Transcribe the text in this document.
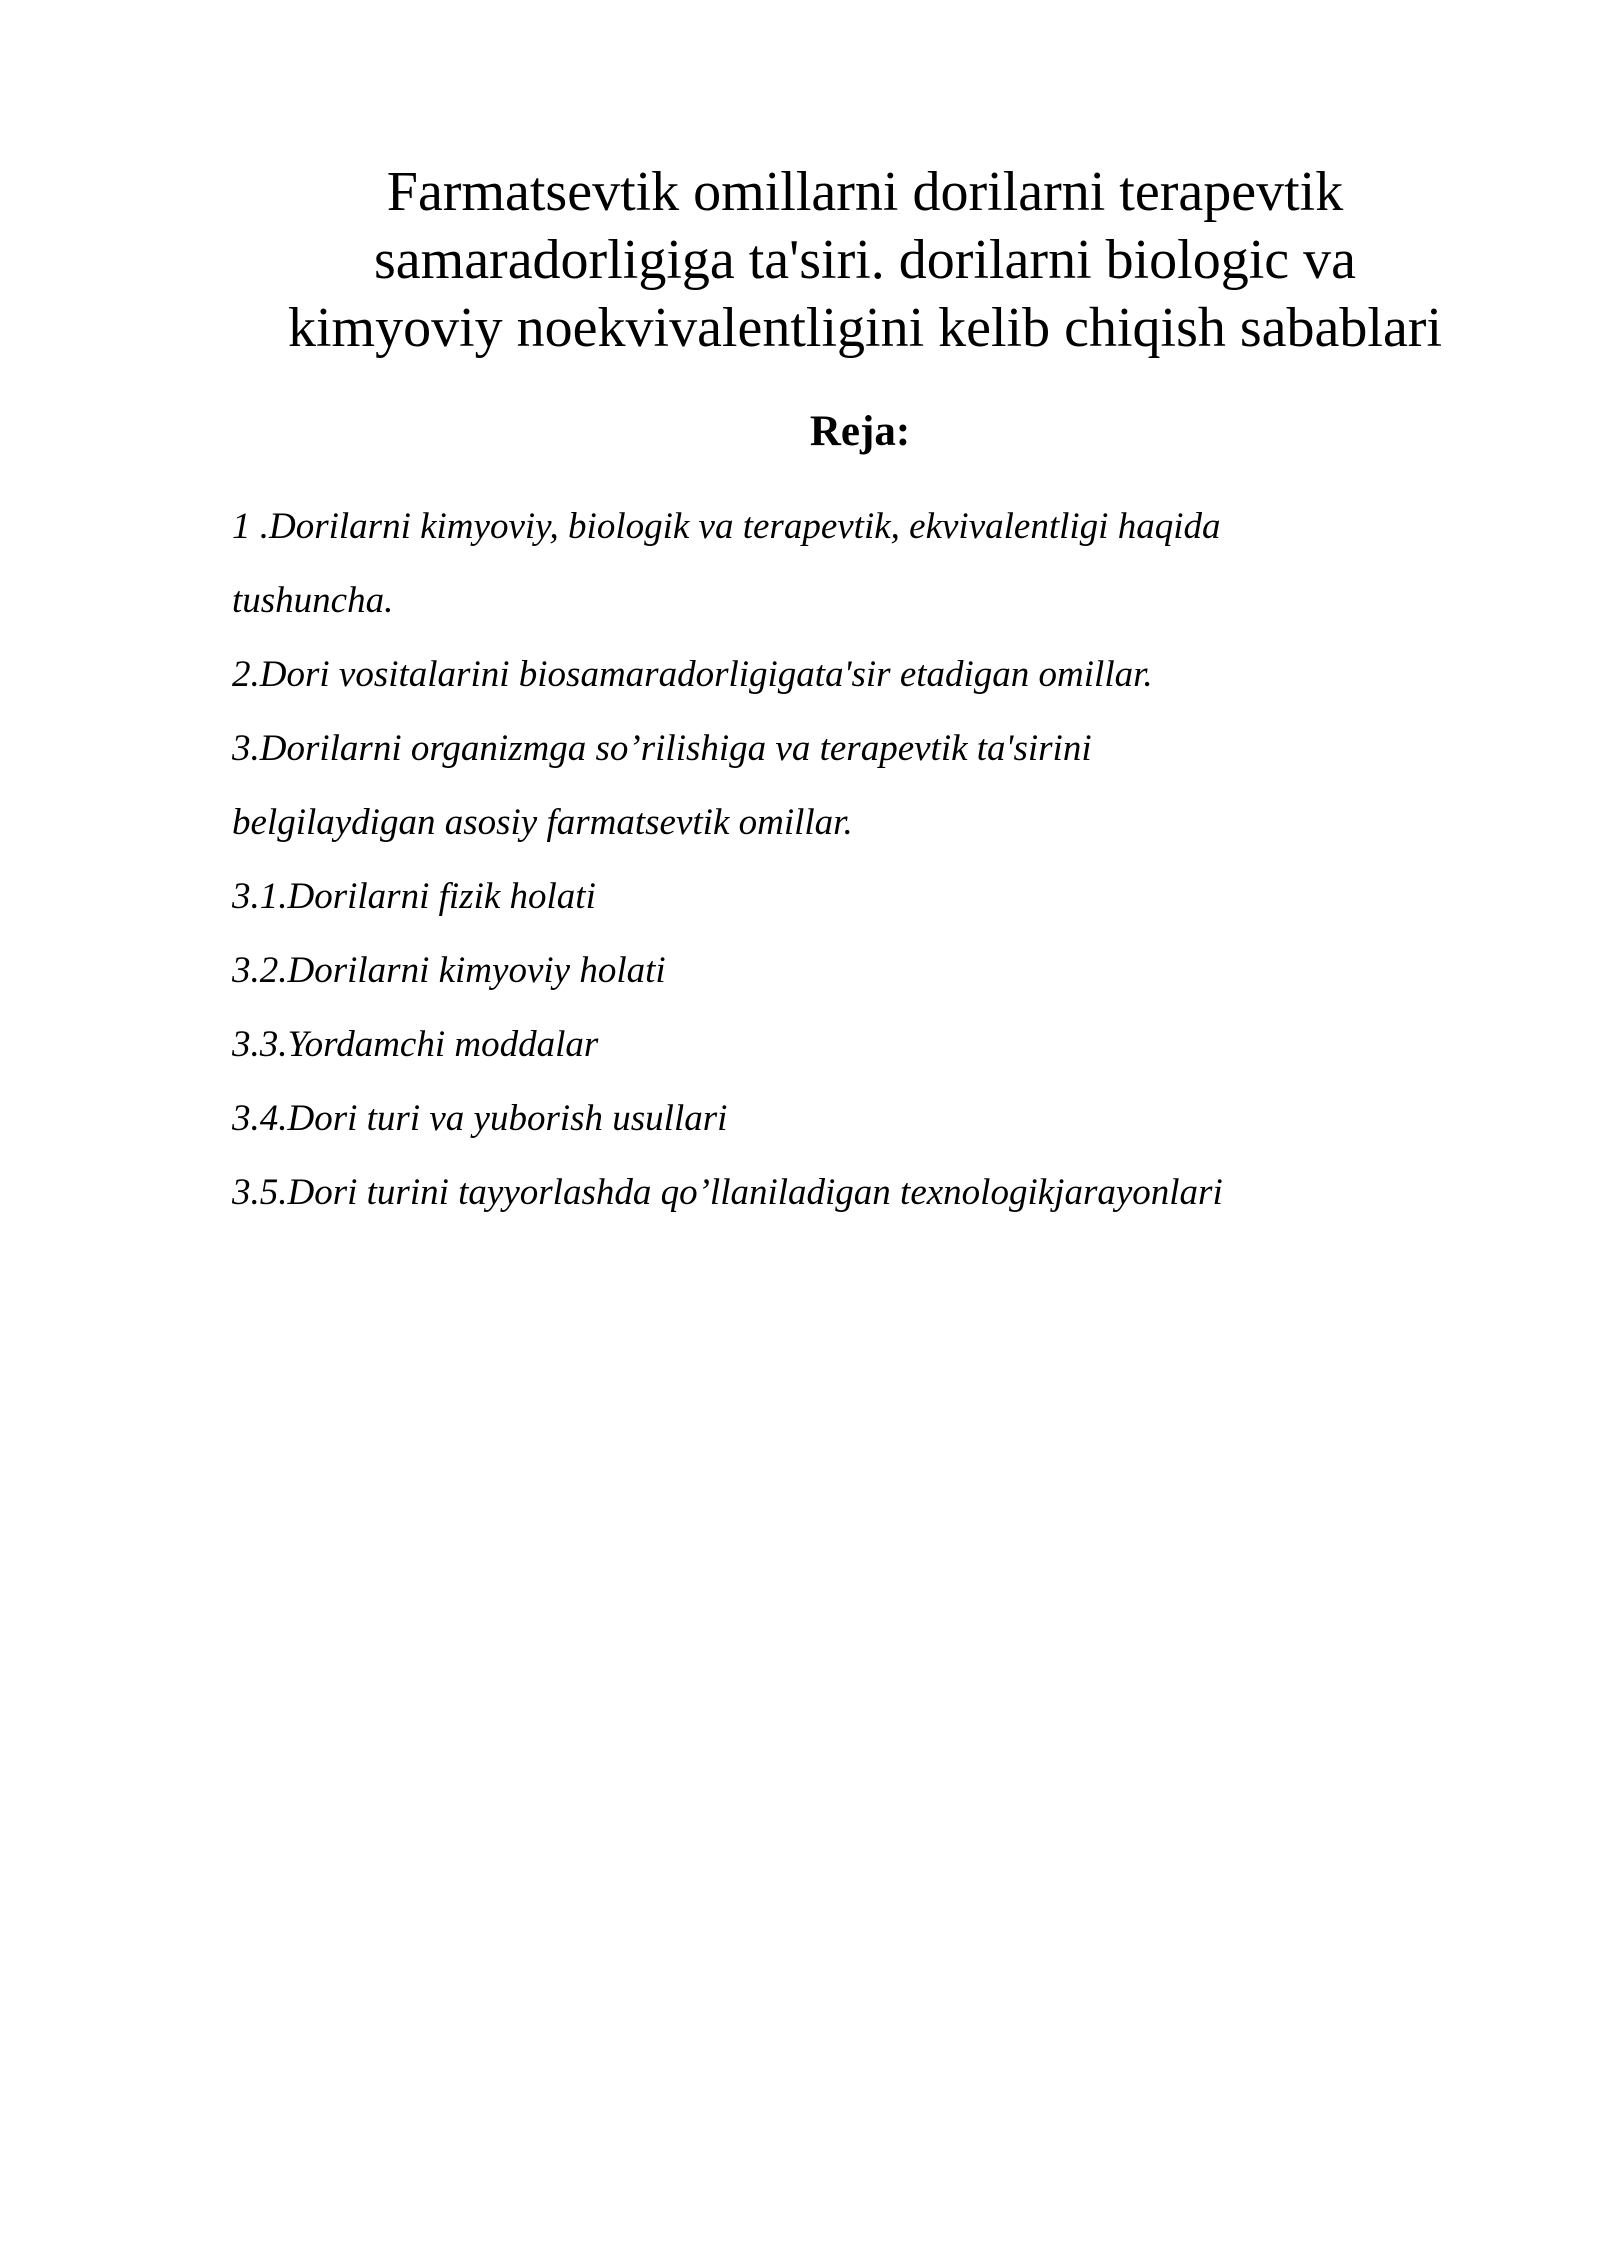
Farmatsevtik omillarni dorilarni terapevtik
samaradorligiga ta'siri. dorilarni biologic va
kimyoviy noekvivalentligini kelib chiqish sabablari
Reja:
1 .Dorilarni kimyoviy, biologik va terapevtik, ekvivalentligi haqida
tushuncha.
2.Dori vositalarini biosamaradorligigata'sir etadigan omillar.
3.Dorilarni organizmga so’rilishiga va terapevtik ta'sirini
belgilaydigan asosiy farmatsevtik omillar.
3.1.Dorilarni fizik holati
3.2.Dorilarni kimyoviy holati
3.3.Yordamchi moddalar
3.4.Dori turi va yuborish usullari
3.5.Dori turini tayyorlashda qo’llaniladigan texnologikjarayonlari
